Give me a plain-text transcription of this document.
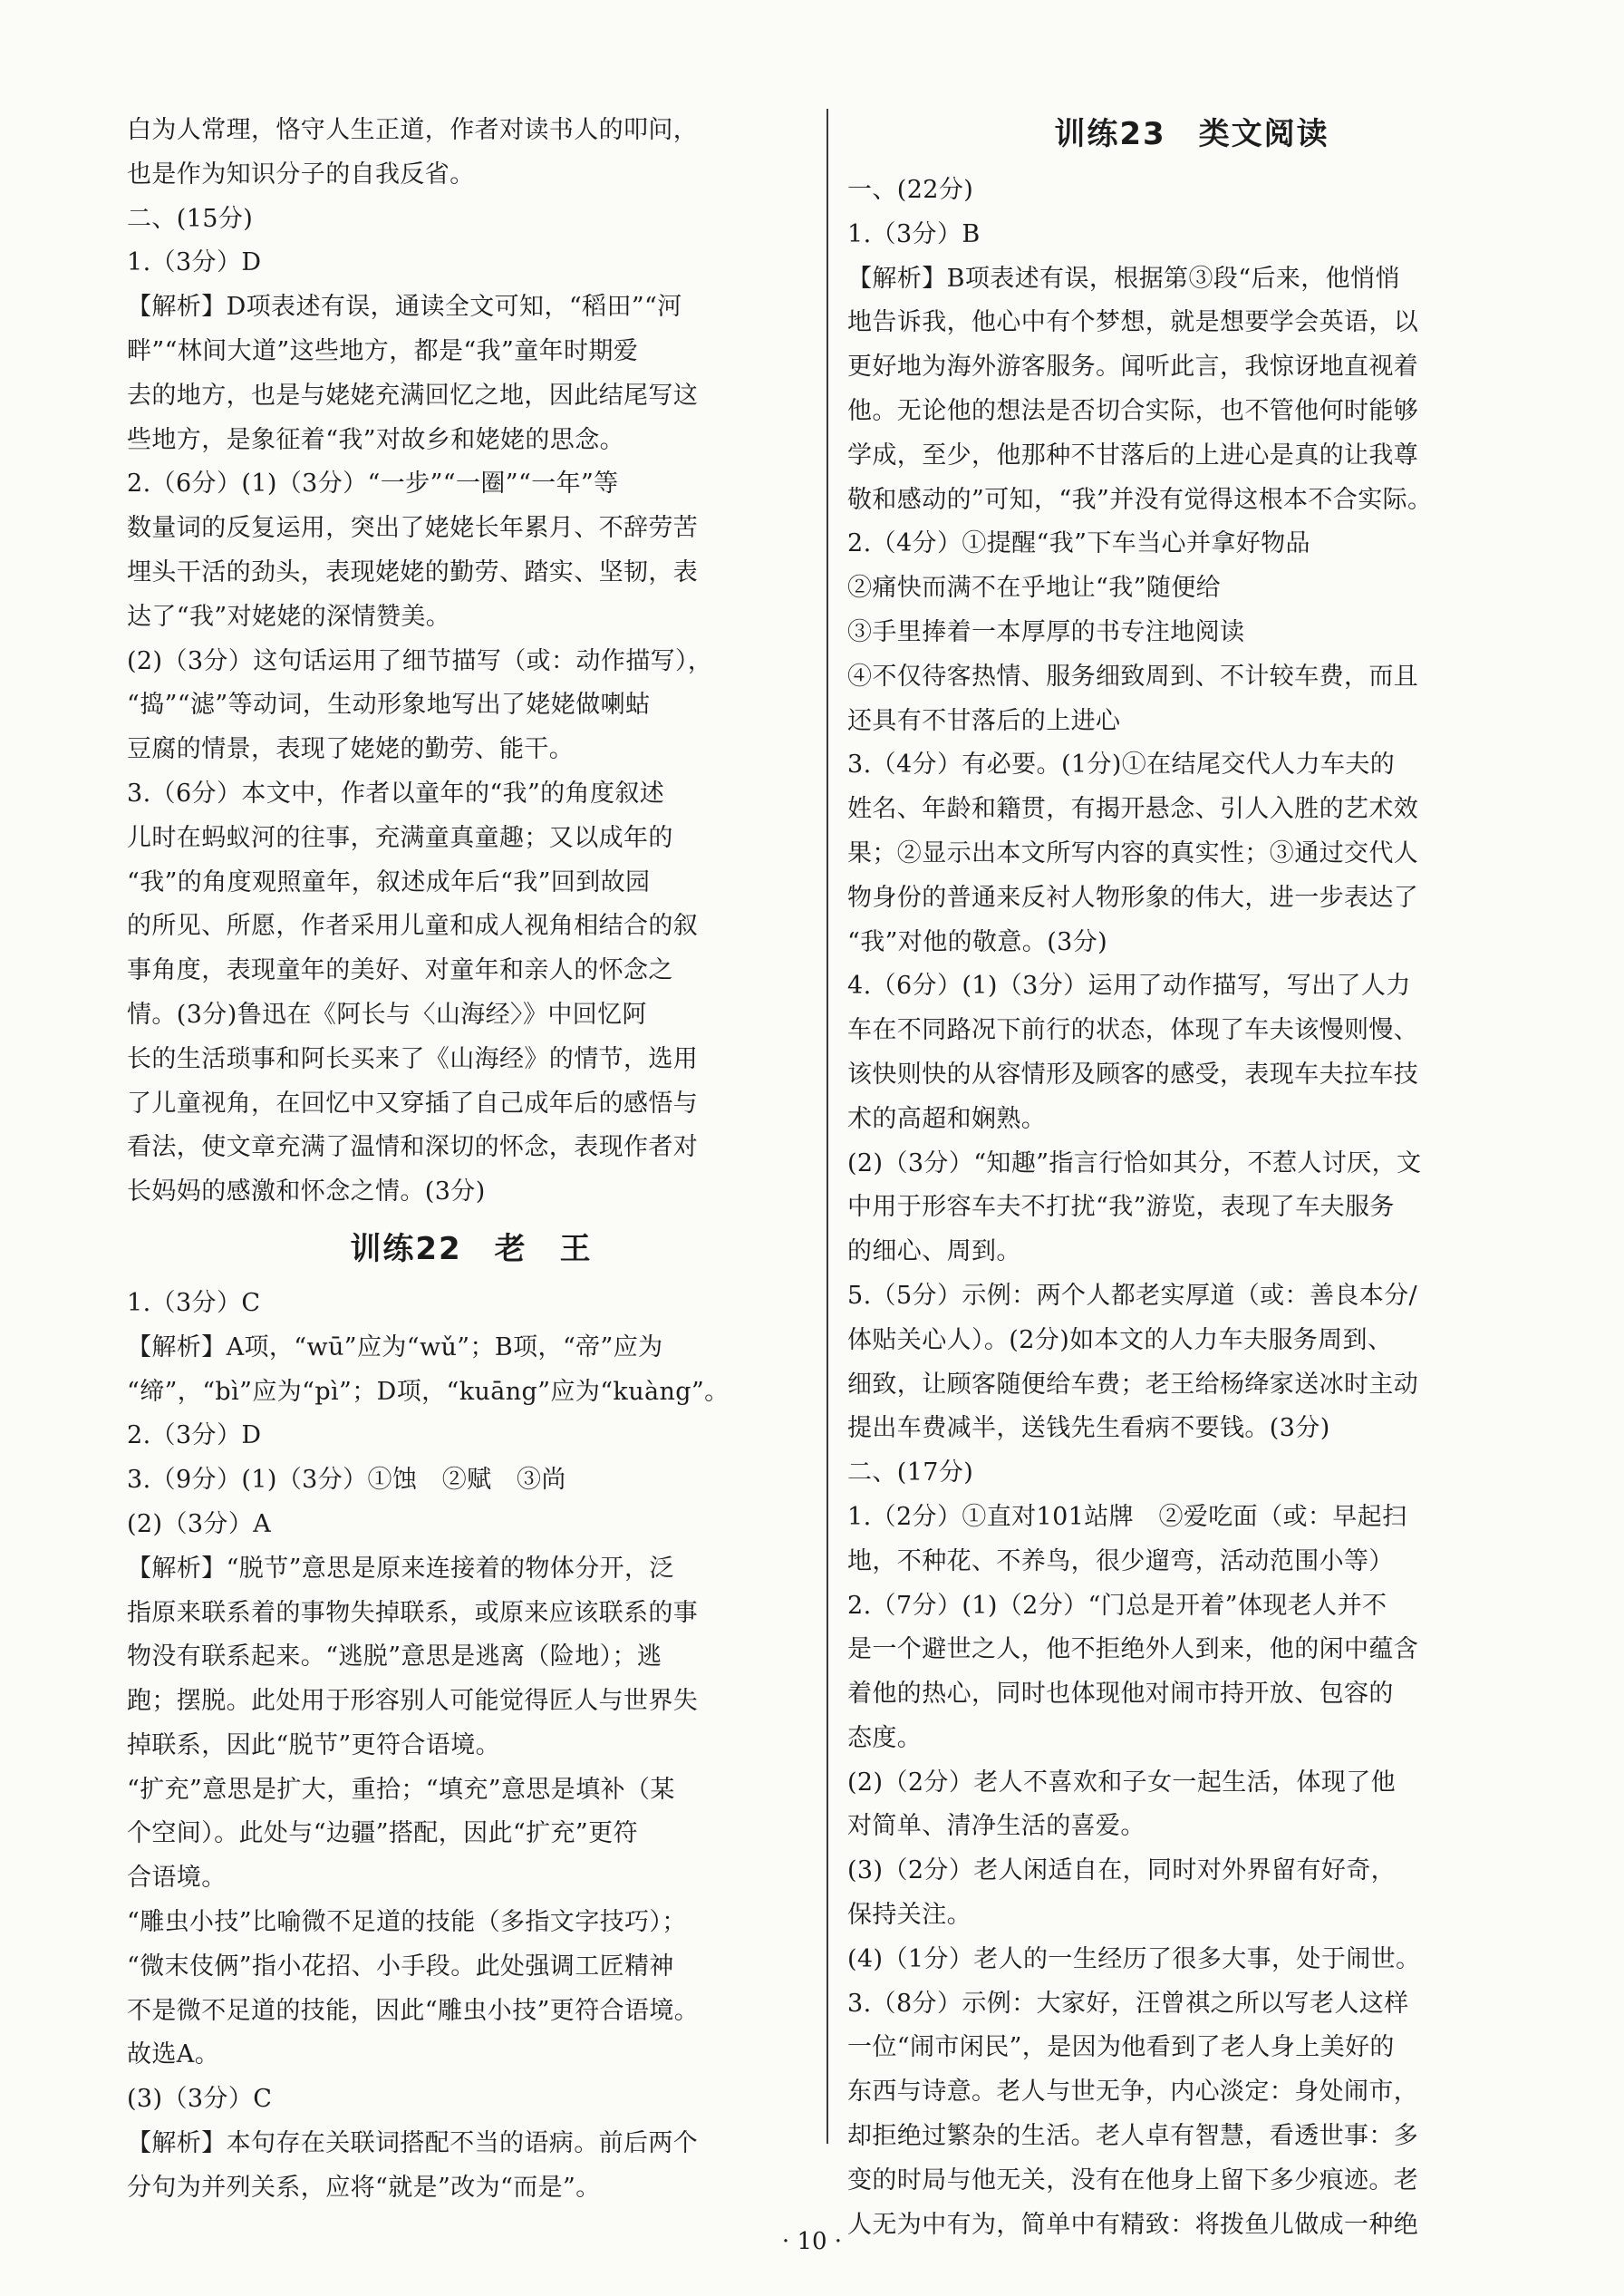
白为人常理，恪守人生正道，作者对读书人的叩问，
也是作为知识分子的自我反省。
二、(15分)
1.（3分）D
【解析】D项表述有误，通读全文可知，“稻田”“河
畔”“林间大道”这些地方，都是“我”童年时期爱
去的地方，也是与姥姥充满回忆之地，因此结尾写这
些地方，是象征着“我”对故乡和姥姥的思念。
2.（6分）(1)（3分）“一步”“一圈”“一年”等
数量词的反复运用，突出了姥姥长年累月、不辞劳苦
埋头干活的劲头，表现姥姥的勤劳、踏实、坚韧，表
达了“我”对姥姥的深情赞美。
(2)（3分）这句话运用了细节描写（或：动作描写），
“捣”“滤”等动词，生动形象地写出了姥姥做喇蛄
豆腐的情景，表现了姥姥的勤劳、能干。
3.（6分）本文中，作者以童年的“我”的角度叙述
儿时在蚂蚁河的往事，充满童真童趣；又以成年的
“我”的角度观照童年，叙述成年后“我”回到故园
的所见、所愿，作者采用儿童和成人视角相结合的叙
事角度，表现童年的美好、对童年和亲人的怀念之
情。(3分)鲁迅在《阿长与〈山海经〉》中回忆阿
长的生活琐事和阿长买来了《山海经》的情节，选用
了儿童视角，在回忆中又穿插了自己成年后的感悟与
看法，使文章充满了温情和深切的怀念，表现作者对
长妈妈的感激和怀念之情。(3分)
训练22　老　王
1.（3分）C
【解析】A项，“wū”应为“wǔ”；B项，“帝”应为
“缔”，“bì”应为“pì”；D项，“kuāng”应为“kuàng”。
2.（3分）D
3.（9分）(1)（3分）①蚀　②赋　③尚
(2)（3分）A
【解析】“脱节”意思是原来连接着的物体分开，泛
指原来联系着的事物失掉联系，或原来应该联系的事
物没有联系起来。“逃脱”意思是逃离（险地）；逃
跑；摆脱。此处用于形容别人可能觉得匠人与世界失
掉联系，因此“脱节”更符合语境。
“扩充”意思是扩大，重拾；“填充”意思是填补（某
个空间）。此处与“边疆”搭配，因此“扩充”更符
合语境。
“雕虫小技”比喻微不足道的技能（多指文字技巧）；
“微末伎俩”指小花招、小手段。此处强调工匠精神
不是微不足道的技能，因此“雕虫小技”更符合语境。
故选A。
(3)（3分）C
【解析】本句存在关联词搭配不当的语病。前后两个
分句为并列关系，应将“就是”改为“而是”。
训练23　类文阅读
一、(22分)
1.（3分）B
【解析】B项表述有误，根据第③段“后来，他悄悄
地告诉我，他心中有个梦想，就是想要学会英语，以
更好地为海外游客服务。闻听此言，我惊讶地直视着
他。无论他的想法是否切合实际，也不管他何时能够
学成，至少，他那种不甘落后的上进心是真的让我尊
敬和感动的”可知，“我”并没有觉得这根本不合实际。
2.（4分）①提醒“我”下车当心并拿好物品
②痛快而满不在乎地让“我”随便给
③手里捧着一本厚厚的书专注地阅读
④不仅待客热情、服务细致周到、不计较车费，而且
还具有不甘落后的上进心
3.（4分）有必要。(1分)①在结尾交代人力车夫的
姓名、年龄和籍贯，有揭开悬念、引人入胜的艺术效
果；②显示出本文所写内容的真实性；③通过交代人
物身份的普通来反衬人物形象的伟大，进一步表达了
“我”对他的敬意。(3分)
4.（6分）(1)（3分）运用了动作描写，写出了人力
车在不同路况下前行的状态，体现了车夫该慢则慢、
该快则快的从容情形及顾客的感受，表现车夫拉车技
术的高超和娴熟。
(2)（3分）“知趣”指言行恰如其分，不惹人讨厌，文
中用于形容车夫不打扰“我”游览，表现了车夫服务
的细心、周到。
5.（5分）示例：两个人都老实厚道（或：善良本分/
体贴关心人）。(2分)如本文的人力车夫服务周到、
细致，让顾客随便给车费；老王给杨绛家送冰时主动
提出车费减半，送钱先生看病不要钱。(3分)
二、(17分)
1.（2分）①直对101站牌　②爱吃面（或：早起扫
地，不种花、不养鸟，很少遛弯，活动范围小等）
2.（7分）(1)（2分）“门总是开着”体现老人并不
是一个避世之人，他不拒绝外人到来，他的闲中蕴含
着他的热心，同时也体现他对闹市持开放、包容的
态度。
(2)（2分）老人不喜欢和子女一起生活，体现了他
对简单、清净生活的喜爱。
(3)（2分）老人闲适自在，同时对外界留有好奇，
保持关注。
(4)（1分）老人的一生经历了很多大事，处于闹世。
3.（8分）示例：大家好，汪曾祺之所以写老人这样
一位“闹市闲民”，是因为他看到了老人身上美好的
东西与诗意。老人与世无争，内心淡定：身处闹市，
却拒绝过繁杂的生活。老人卓有智慧，看透世事：多
变的时局与他无关，没有在他身上留下多少痕迹。老
人无为中有为，简单中有精致：将拨鱼儿做成一种绝
· 10 ·
